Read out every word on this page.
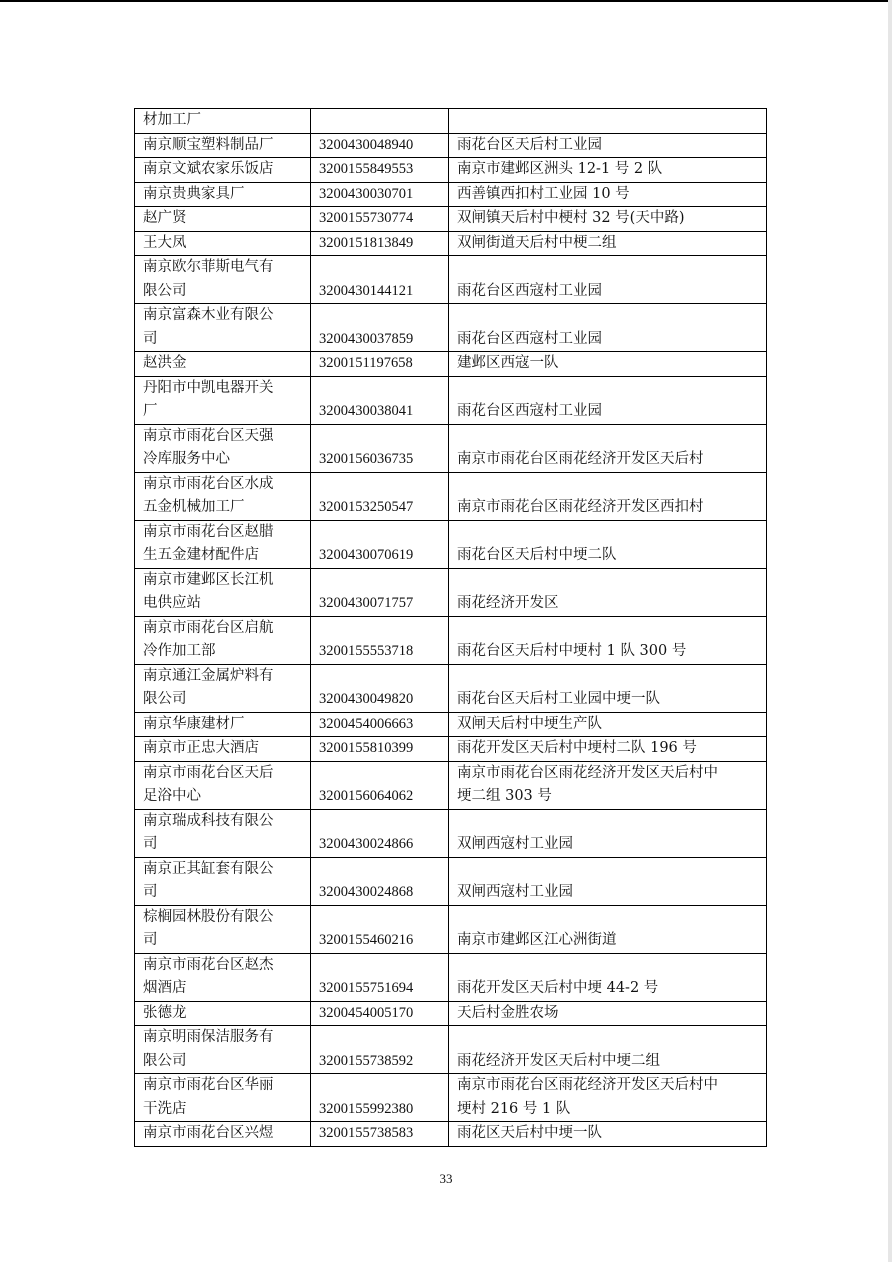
材加工厂		
南京顺宝塑料制品厂	3200430048940	雨花台区天后村工业园
南京文斌农家乐饭店	3200155849553	南京市建邺区洲头 12-1 号 2 队
南京贵典家具厂	3200430030701	西善镇西扣村工业园 10 号
赵广贤	3200155730774	双闸镇天后村中梗村 32 号(天中路)
王大凤	3200151813849	双闸街道天后村中梗二组
南京欧尔菲斯电气有
限公司	3200430144121	雨花台区西寇村工业园
南京富森木业有限公
司	3200430037859	雨花台区西寇村工业园
赵洪金	3200151197658	建邺区西寇一队
丹阳市中凯电器开关
厂	3200430038041	雨花台区西寇村工业园
南京市雨花台区天强
冷库服务中心	3200156036735	南京市雨花台区雨花经济开发区天后村
南京市雨花台区水成
五金机械加工厂	3200153250547	南京市雨花台区雨花经济开发区西扣村
南京市雨花台区赵腊
生五金建材配件店	3200430070619	雨花台区天后村中埂二队
南京市建邺区长江机
电供应站	3200430071757	雨花经济开发区
南京市雨花台区启航
冷作加工部	3200155553718	雨花台区天后村中埂村 1 队 300 号
南京通江金属炉料有
限公司	3200430049820	雨花台区天后村工业园中埂一队
南京华康建材厂	3200454006663	双闸天后村中埂生产队
南京市正忠大酒店	3200155810399	雨花开发区天后村中埂村二队 196 号
南京市雨花台区天后
足浴中心	3200156064062	南京市雨花台区雨花经济开发区天后村中
埂二组 303 号
南京瑞成科技有限公
司	3200430024866	双闸西寇村工业园
南京正其缸套有限公
司	3200430024868	双闸西寇村工业园
棕榈园林股份有限公
司	3200155460216	南京市建邺区江心洲街道
南京市雨花台区赵杰
烟酒店	3200155751694	雨花开发区天后村中埂 44-2 号
张德龙	3200454005170	天后村金胜农场
南京明雨保洁服务有
限公司	3200155738592	雨花经济开发区天后村中埂二组
南京市雨花台区华丽
干洗店	3200155992380	南京市雨花台区雨花经济开发区天后村中
埂村 216 号 1 队
南京市雨花台区兴煜	3200155738583	雨花区天后村中埂一队
33
